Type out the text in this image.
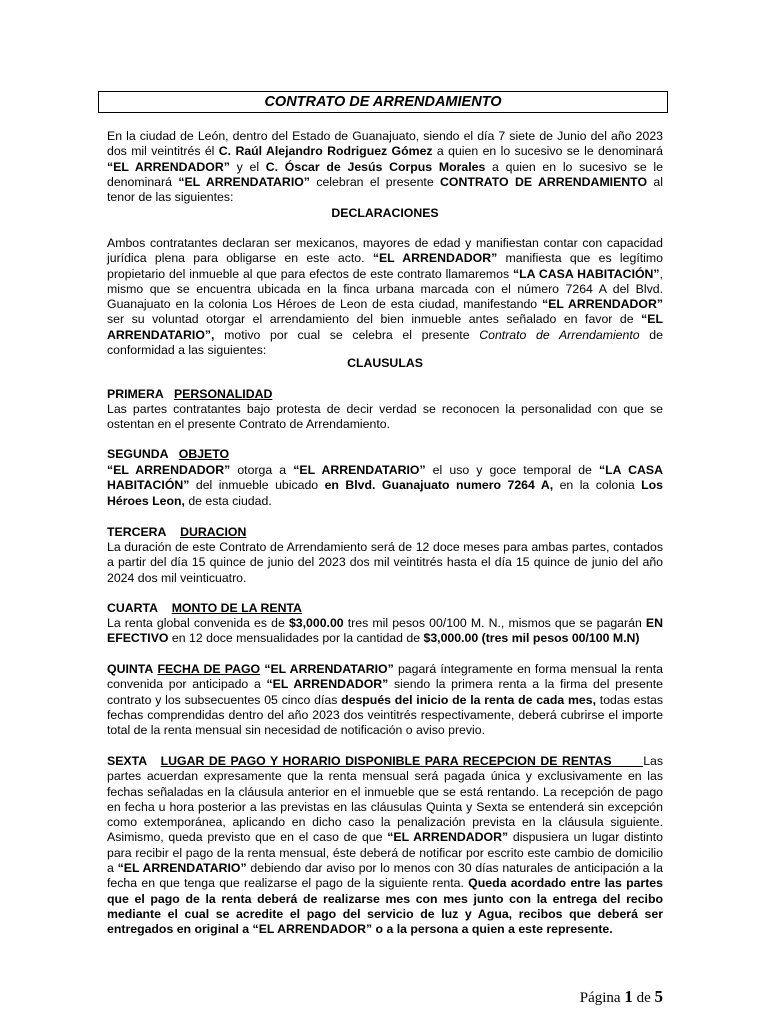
CONTRATO DE ARRENDAMIENTO
En la ciudad de León, dentro del Estado de Guanajuato, siendo el día 7 siete de Junio del año 2023 dos mil veintitrés él C. Raúl Alejandro Rodriguez Gómez a quien en lo sucesivo se le denominará “EL ARRENDADOR” y el C. Óscar de Jesús Corpus Morales a quien en lo sucesivo se le denominará “EL ARRENDATARIO” celebran el presente CONTRATO DE ARRENDAMIENTO al tenor de las siguientes:
DECLARACIONES
Ambos contratantes declaran ser mexicanos, mayores de edad y manifiestan contar con capacidad jurídica plena para obligarse en este acto. “EL ARRENDADOR” manifiesta que es legítimo propietario del inmueble al que para efectos de este contrato llamaremos “LA CASA HABITACIÓN”, mismo que se encuentra ubicada en la finca urbana marcada con el número 7264 A del Blvd. Guanajuato en la colonia Los Héroes de Leon de esta ciudad, manifestando “EL ARRENDADOR” ser su voluntad otorgar el arrendamiento del bien inmueble antes señalado en favor de “EL ARRENDATARIO”, motivo por cual se celebra el presente Contrato de Arrendamiento de conformidad a las siguientes:
CLAUSULAS
PRIMERA PERSONALIDAD
Las partes contratantes bajo protesta de decir verdad se reconocen la personalidad con que se ostentan en el presente Contrato de Arrendamiento.
SEGUNDA OBJETO
“EL ARRENDADOR” otorga a “EL ARRENDATARIO” el uso y goce temporal de “LA CASA HABITACIÓN” del inmueble ubicado en Blvd. Guanajuato numero 7264 A, en la colonia Los Héroes Leon, de esta ciudad.
TERCERA DURACION
La duración de este Contrato de Arrendamiento será de 12 doce meses para ambas partes, contados a partir del día 15 quince de junio del 2023 dos mil veintitrés hasta el día 15 quince de junio del año 2024 dos mil veinticuatro.
CUARTA MONTO DE LA RENTA
La renta global convenida es de $3,000.00 tres mil pesos 00/100 M. N., mismos que se pagarán EN EFECTIVO en 12 doce mensualidades por la cantidad de $3,000.00 (tres mil pesos 00/100 M.N)
QUINTA FECHA DE PAGO “EL ARRENDATARIO” pagará íntegramente en forma mensual la renta convenida por anticipado a “EL ARRENDADOR” siendo la primera renta a la firma del presente contrato y los subsecuentes 05 cinco días después del inicio de la renta de cada mes, todas estas fechas comprendidas dentro del año 2023 dos veintitrés respectivamente, deberá cubrirse el importe total de la renta mensual sin necesidad de notificación o aviso previo.
SEXTA LUGAR DE PAGO Y HORARIO DISPONIBLE PARA RECEPCION DE RENTAS	Las partes acuerdan expresamente que la renta mensual será pagada única y exclusivamente en las fechas señaladas en la cláusula anterior en el inmueble que se está rentando. La recepción de pago en fecha u hora posterior a las previstas en las cláusulas Quinta y Sexta se entenderá sin excepción como extemporánea, aplicando en dicho caso la penalización prevista en la cláusula siguiente. Asimismo, queda previsto que en el caso de que “EL ARRENDADOR” dispusiera un lugar distinto para recibir el pago de la renta mensual, éste deberá de notificar por escrito este cambio de domicilio a “EL ARRENDATARIO” debiendo dar aviso por lo menos con 30 días naturales de anticipación a la fecha en que tenga que realizarse el pago de la siguiente renta. Queda acordado entre las partes que el pago de la renta deberá de realizarse mes con mes junto con la entrega del recibo mediante el cual se acredite el pago del servicio de luz y Agua, recibos que deberá ser entregados en original a “EL ARRENDADOR” o a la persona a quien a este represente.
Página 1 de 5
